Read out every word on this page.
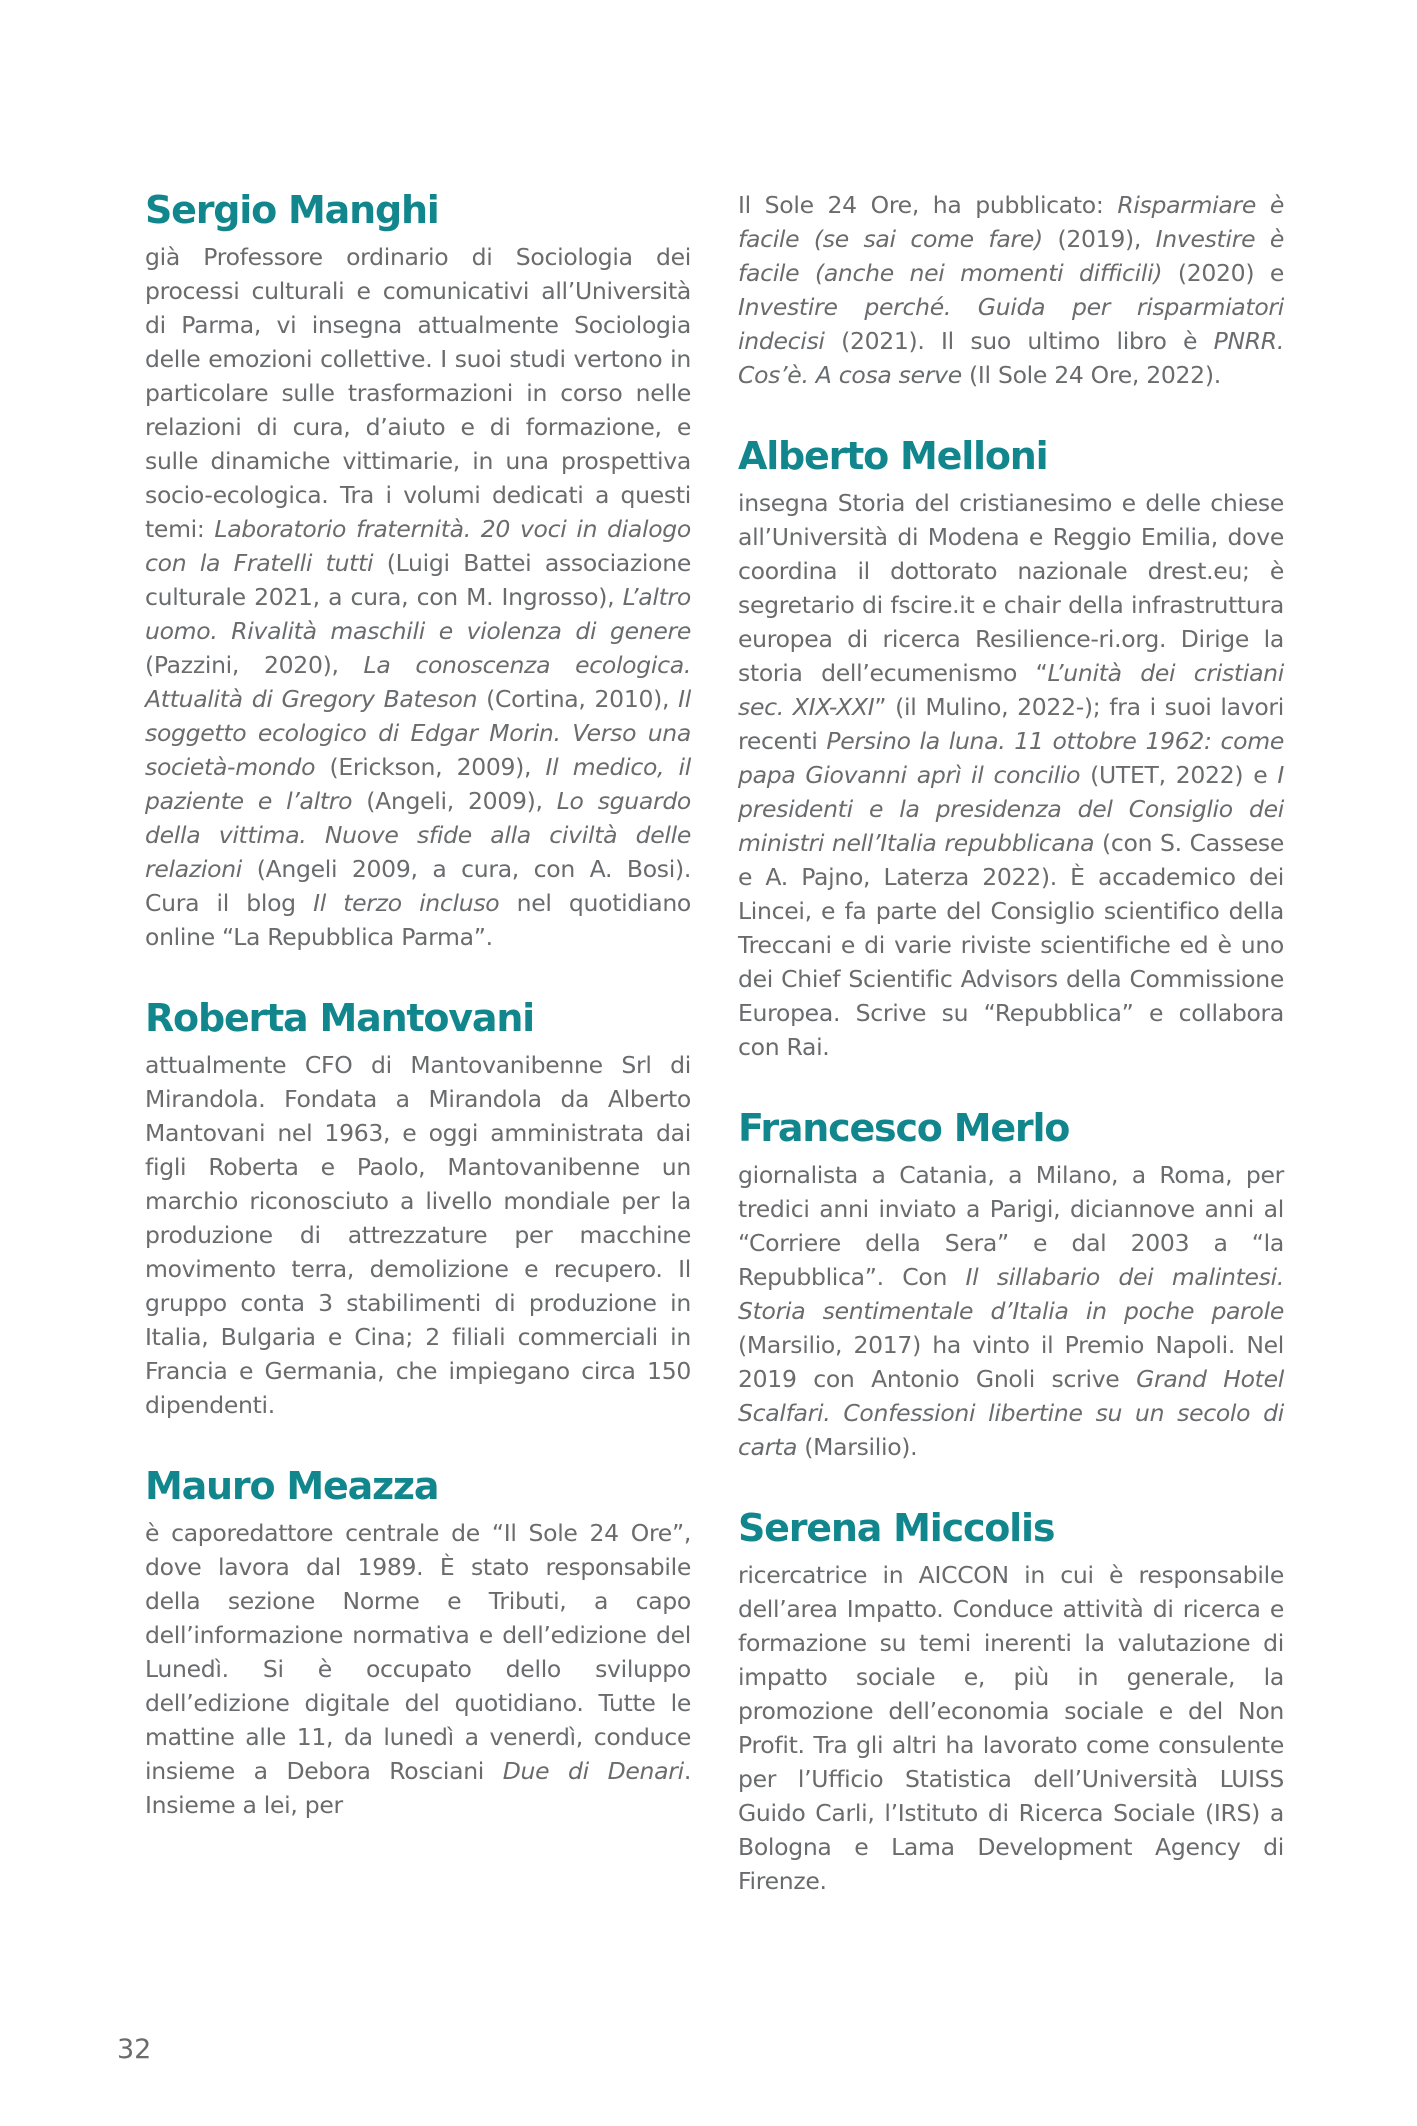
Sergio Manghi

già Professore ordinario di Sociologia dei processi culturali e comunicativi all’Università di Parma, vi insegna attualmente Sociologia delle emozioni collettive. I suoi studi vertono in particolare sulle trasformazioni in corso nelle relazioni di cura, d’aiuto e di formazione, e sulle dinamiche vittimarie, in una prospettiva socio-ecologica. Tra i volumi dedicati a questi temi: Laboratorio fraternità. 20 voci in dialogo con la Fratelli tutti (Luigi Battei associazione culturale 2021, a cura, con M. Ingrosso), L’altro uomo. Rivalità maschili e violenza di genere (Pazzini, 2020), La conoscenza ecologica. Attualità di Gregory Bateson (Cortina, 2010), Il soggetto ecologico di Edgar Morin. Verso una società-mondo (Erickson, 2009), Il medico, il paziente e l’altro (Angeli, 2009), Lo sguardo della vittima. Nuove sfide alla civiltà delle relazioni (Angeli 2009, a cura, con A. Bosi). Cura il blog Il terzo incluso nel quotidiano online “La Repubblica Parma”.

Roberta Mantovani

attualmente CFO di Mantovanibenne Srl di Mirandola. Fondata a Mirandola da Alberto Mantovani nel 1963, e oggi amministrata dai figli Roberta e Paolo, Mantovanibenne un marchio riconosciuto a livello mondiale per la produzione di attrezzature per macchine movimento terra, demolizione e recupero. Il gruppo conta 3 stabilimenti di produzione in Italia, Bulgaria e Cina; 2 filiali commerciali in Francia e Germania, che impiegano circa 150 dipendenti.

Mauro Meazza

è caporedattore centrale de “Il Sole 24 Ore”, dove lavora dal 1989. È stato responsabile della sezione Norme e Tributi, a capo dell’informazione normativa e dell’edizione del Lunedì. Si è occupato dello sviluppo dell’edizione digitale del quotidiano. Tutte le mattine alle 11, da lunedì a venerdì, conduce insieme a Debora Rosciani Due di Denari. Insieme a lei, per

Il Sole 24 Ore, ha pubblicato: Risparmiare è facile (se sai come fare) (2019), Investire è facile (anche nei momenti difficili) (2020) e Investire perché. Guida per risparmiatori indecisi (2021). Il suo ultimo libro è PNRR. Cos’è. A cosa serve (Il Sole 24 Ore, 2022).

Alberto Melloni

insegna Storia del cristianesimo e delle chiese all’Università di Modena e Reggio Emilia, dove coordina il dottorato nazionale drest.eu; è segretario di fscire.it e chair della infrastruttura europea di ricerca Resilience-ri.org. Dirige la storia dell’ecumenismo “L’unità dei cristiani sec. XIX-XXI” (il Mulino, 2022-); fra i suoi lavori recenti Persino la luna. 11 ottobre 1962: come papa Giovanni aprì il concilio (UTET, 2022) e I presidenti e la presidenza del Consiglio dei ministri nell’Italia repubblicana (con S. Cassese e A. Pajno, Laterza 2022). È accademico dei Lincei, e fa parte del Consiglio scientifico della Treccani e di varie riviste scientifiche ed è uno dei Chief Scientific Advisors della Commissione Europea. Scrive su “Repubblica” e collabora con Rai.

Francesco Merlo

giornalista a Catania, a Milano, a Roma, per tredici anni inviato a Parigi, diciannove anni al “Corriere della Sera” e dal 2003 a “la Repubblica”. Con Il sillabario dei malintesi. Storia sentimentale d’Italia in poche parole (Marsilio, 2017) ha vinto il Premio Napoli. Nel 2019 con Antonio Gnoli scrive Grand Hotel Scalfari. Confessioni libertine su un secolo di carta (Marsilio).

Serena Miccolis

ricercatrice in AICCON in cui è responsabile dell’area Impatto. Conduce attività di ricerca e formazione su temi inerenti la valutazione di impatto sociale e, più in generale, la promozione dell’economia sociale e del Non Profit. Tra gli altri ha lavorato come consulente per l’Ufficio Statistica dell’Università LUISS Guido Carli, l’Istituto di Ricerca Sociale (IRS) a Bologna e Lama Development Agency di Firenze.

32
